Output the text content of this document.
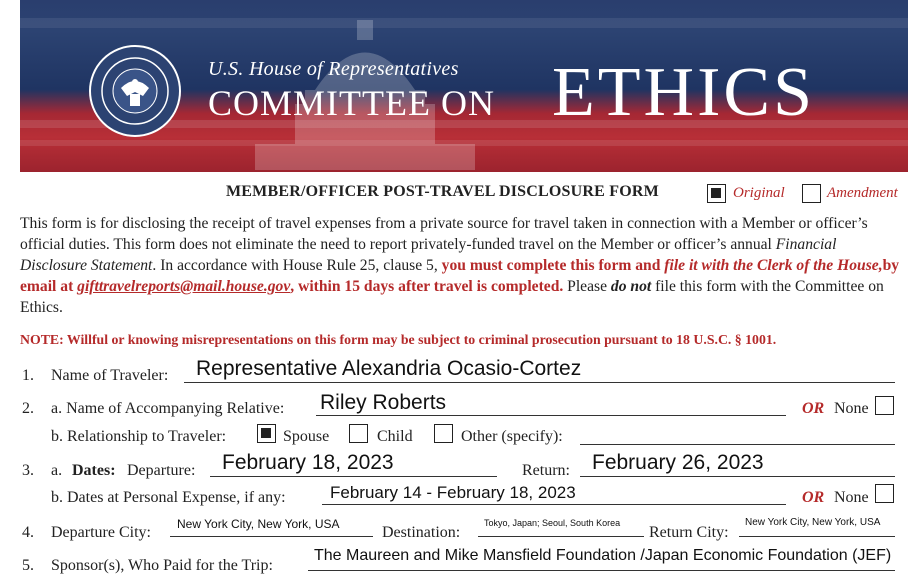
U.S. House of Representatives
COMMITTEE ON ETHICS
MEMBER/OFFICER POST-TRAVEL DISCLOSURE FORM	Original	Amendment
This form is for disclosing the receipt of travel expenses from a private source for travel taken in connection with a Member or officer’s official duties. This form does not eliminate the need to report privately-funded travel on the Member or officer’s annual Financial Disclosure Statement. In accordance with House Rule 25, clause 5, you must complete this form and file it with the Clerk of the House,by email at gifttravelreports@mail.house.gov, within 15 days after travel is completed. Please do not file this form with the Committee on Ethics.
NOTE: Willful or knowing misrepresentations on this form may be subject to criminal prosecution pursuant to 18 U.S.C. § 1001.
1. Name of Traveler: Representative Alexandria Ocasio-Cortez
2. a. Name of Accompanying Relative: Riley Roberts	OR None
b. Relationship to Traveler:	Spouse	Child	Other (specify):
3. a. Dates: Departure: February 18, 2023	Return: February 26, 2023
b. Dates at Personal Expense, if any:	February 14 - February 18, 2023	OR None
4. Departure City: New York City, New York, USA	Destination:
Tokyo, Japan; Seoul, South Korea
Return City:
New York City, New York, USA
5. Sponsor(s), Who Paid for the Trip:
The Maureen and Mike Mansfield Foundation /Japan Economic Foundation (JEF)
